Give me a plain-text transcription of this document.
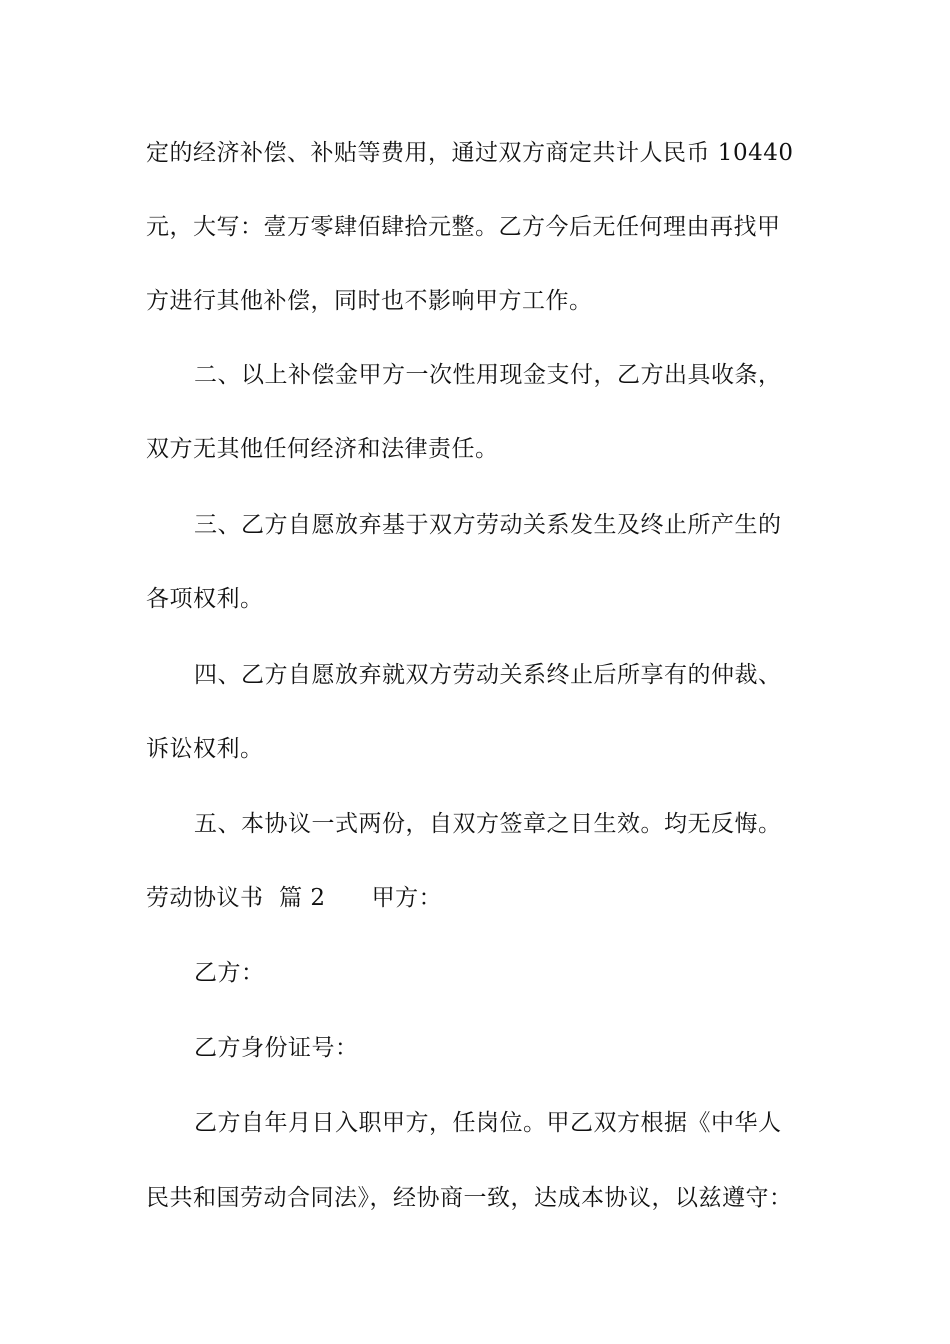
定的经济补偿、补贴等费用，通过双方商定共计人民币 10440
元，大写：壹万零肆佰肆拾元整。乙方今后无任何理由再找甲
方进行其他补偿，同时也不影响甲方工作。
二、以上补偿金甲方一次性用现金支付，乙方出具收条，
双方无其他任何经济和法律责任。
三、乙方自愿放弃基于双方劳动关系发生及终止所产生的
各项权利。
四、乙方自愿放弃就双方劳动关系终止后所享有的仲裁、
诉讼权利。
五、本协议一式两份，自双方签章之日生效。均无反悔。
劳动协议书  篇 2 甲方：
乙方：
乙方身份证号：
乙方自年月日入职甲方，任岗位。甲乙双方根据《中华人
民共和国劳动合同法》，经协商一致，达成本协议，以兹遵守：
